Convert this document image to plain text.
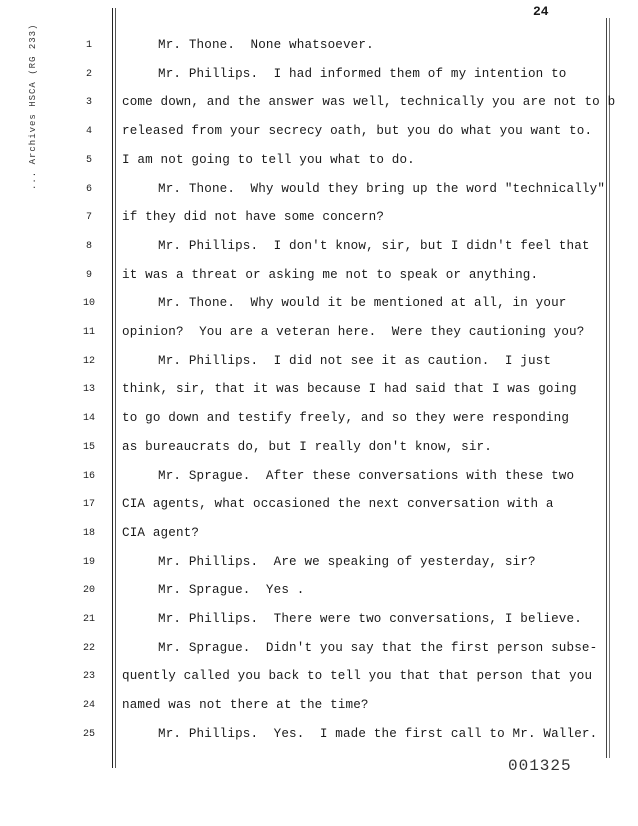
... Archives HSCA (RG 233)
24
1	Mr. Thone.  None whatsoever.
2	Mr. Phillips.  I had informed them of my intention to
3	come down, and the answer was well, technically you are not to b
4	released from your secrecy oath, but you do what you want to.
5	I am not going to tell you what to do.
6	Mr. Thone.  Why would they bring up the word "technically"
7	if they did not have some concern?
8	Mr. Phillips.  I don't know, sir, but I didn't feel that
9	it was a threat or asking me not to speak or anything.
10	Mr. Thone.  Why would it be mentioned at all, in your
11	opinion?  You are a veteran here.  Were they cautioning you?
12	Mr. Phillips.  I did not see it as caution.  I just
13	think, sir, that it was because I had said that I was going
14	to go down and testify freely, and so they were responding
15	as bureaucrats do, but I really don't know, sir.
16	Mr. Sprague.  After these conversations with these two
17	CIA agents, what occasioned the next conversation with a
18	CIA agent?
19	Mr. Phillips.  Are we speaking of yesterday, sir?
20	Mr. Sprague.  Yes .
21	Mr. Phillips.  There were two conversations, I believe.
22	Mr. Sprague.  Didn't you say that the first person subse-
23	quently called you back to tell you that that person that you
24	named was not there at the time?
25	Mr. Phillips.  Yes.  I made the first call to Mr. Waller.
001325
